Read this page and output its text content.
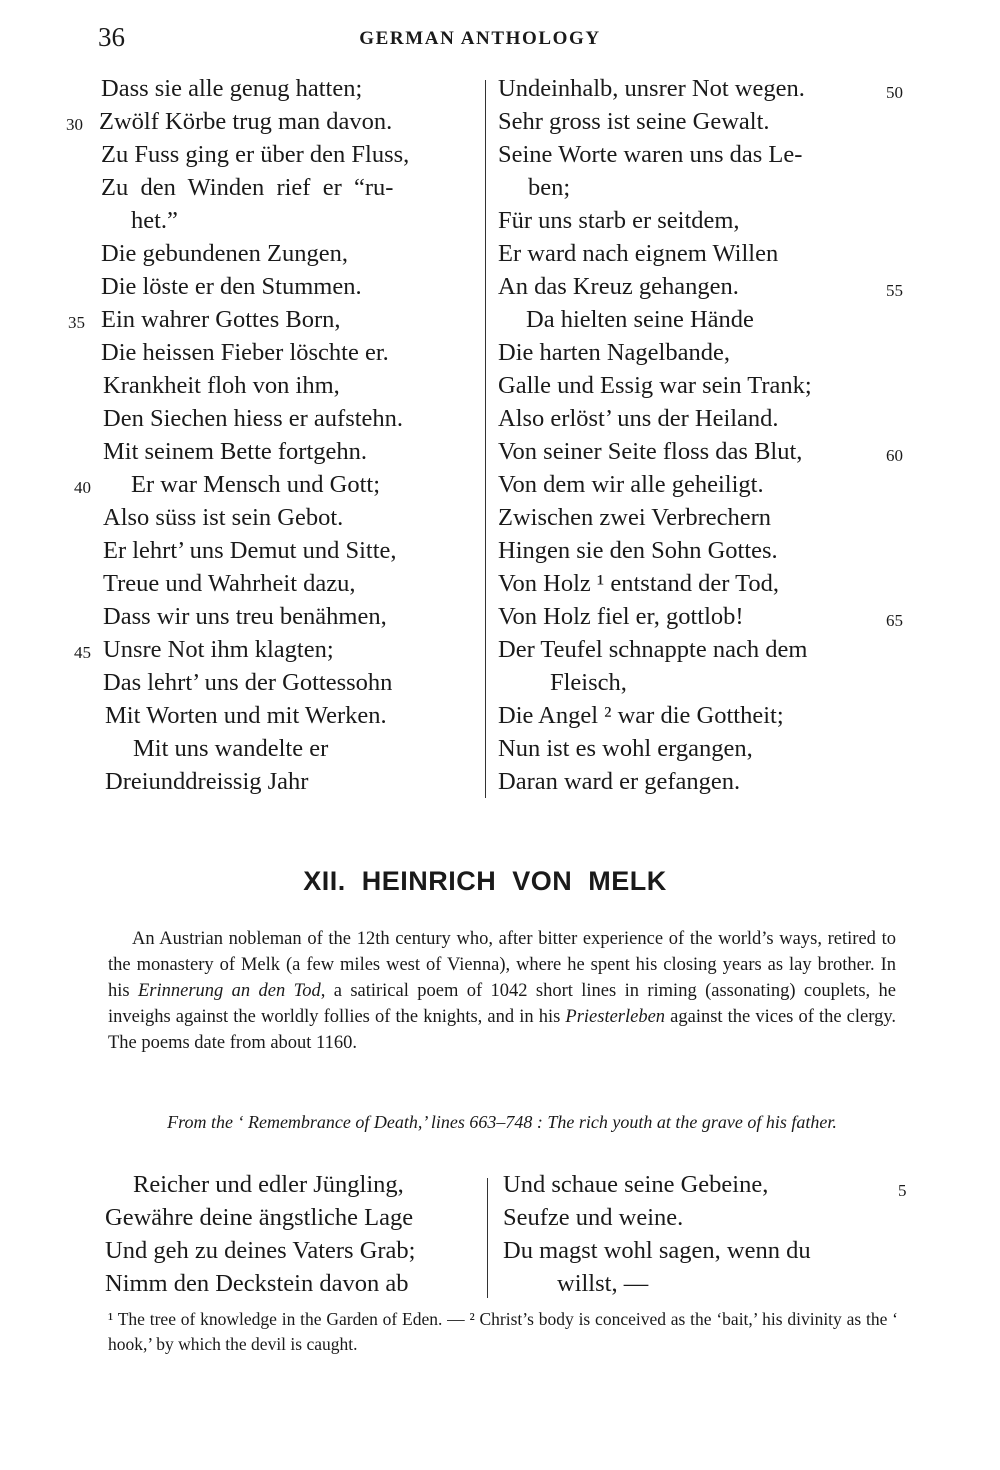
36	GERMAN ANTHOLOGY
Dass sie alle genug hatten;
Zwölf Körbe trug man davon.
Zu Fuss ging er über den Fluss,
Zu  den  Winden  rief  er  “ru-
het.”
Die gebundenen Zungen,
Die löste er den Stummen.
Ein wahrer Gottes Born,
Die heissen Fieber löschte er.
Krankheit floh von ihm,
Den Siechen hiess er aufstehn.
Mit seinem Bette fortgehn.
Er war Mensch und Gott;
Also süss ist sein Gebot.
Er lehrt’ uns Demut und Sitte,
Treue und Wahrheit dazu,
Dass wir uns treu benähmen,
Unsre Not ihm klagten;
Das lehrt’ uns der Gottessohn
Mit Worten und mit Werken.
Mit uns wandelte er
Dreiunddreissig Jahr
30
35
40
45
Undeinhalb, unsrer Not wegen.
Sehr gross ist seine Gewalt.
Seine Worte waren uns das Le-
ben;
Für uns starb er seitdem,
Er ward nach eignem Willen
An das Kreuz gehangen.
Da hielten seine Hände
Die harten Nagelbande,
Galle und Essig war sein Trank;
Also erlöst’ uns der Heiland.
Von seiner Seite floss das Blut,
Von dem wir alle geheiligt.
Zwischen zwei Verbrechern
Hingen sie den Sohn Gottes.
Von Holz ¹ entstand der Tod,
Von Holz fiel er, gottlob!
Der Teufel schnappte nach dem
Fleisch,
Die Angel ² war die Gottheit;
Nun ist es wohl ergangen,
Daran ward er gefangen.
50
55
60
65
XII.  HEINRICH  VON  MELK

An Austrian nobleman of the 12th century who, after bitter experience of the world’s ways, retired to the monastery of Melk (a few miles west of Vienna), where he spent his closing years as lay brother. In his Erinnerung an den Tod, a satirical poem of 1042 short lines in riming (assonating) couplets, he inveighs against the worldly follies of the knights, and in his Priesterleben against the vices of the clergy. The poems date from about 1160.

From the ‘ Remembrance of Death,’ lines 663–748 : The rich youth at the grave of his father.
Reicher und edler Jüngling,
Gewähre deine ängstliche Lage
Und geh zu deines Vaters Grab;
Nimm den Deckstein davon ab
Und schaue seine Gebeine,
Seufze und weine.
Du magst wohl sagen, wenn du
willst, —
5
¹ The tree of knowledge in the Garden of Eden. — ² Christ’s body is conceived as the ‘bait,’ his divinity as the ‘ hook,’ by which the devil is caught.
